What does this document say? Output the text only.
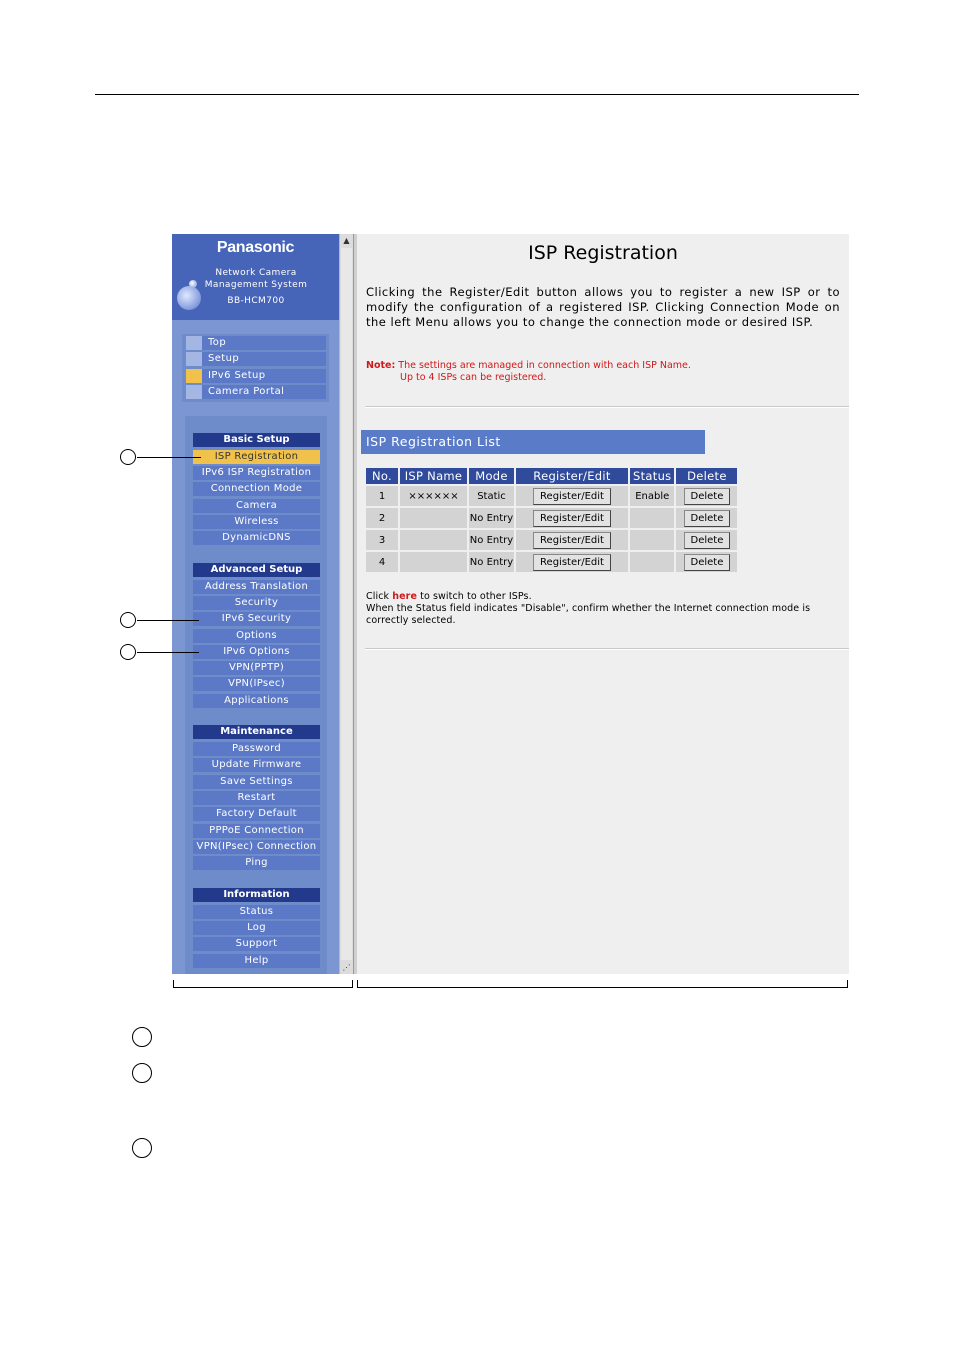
Panasonic
Network Camera
Management System
BB-HCM700
Top
Setup
IPv6 Setup
Camera Portal
Basic Setup
ISP Registration
IPv6 ISP Registration
Connection Mode
Camera
Wireless
DynamicDNS
Advanced Setup
Address Translation
Security
IPv6 Security
Options
IPv6 Options
VPN(PPTP)
VPN(IPsec)
Applications
Maintenance
Password
Update Firmware
Save Settings
Restart
Factory Default
PPPoE Connection
VPN(IPsec) Connection
Ping
Information
Status
Log
Support
Help
▲
⋰
ISP Registration
Clicking the Register/Edit button allows you to register a new ISP or to modify the configuration of a registered ISP. Clicking Connection Mode on the left Menu allows you to change the connection mode or desired ISP.
Note: The settings are managed in connection with each ISP Name.
Up to 4 ISPs can be registered.
ISP Registration List
No.	ISP Name	Mode	Register/Edit	Status	Delete
1	××××××	Static	Register/Edit	Enable	Delete
2		No Entry	Register/Edit		Delete
3		No Entry	Register/Edit		Delete
4		No Entry	Register/Edit		Delete
Click here to switch to other ISPs.
When the Status field indicates "Disable", confirm whether the Internet connection mode is correctly selected.
